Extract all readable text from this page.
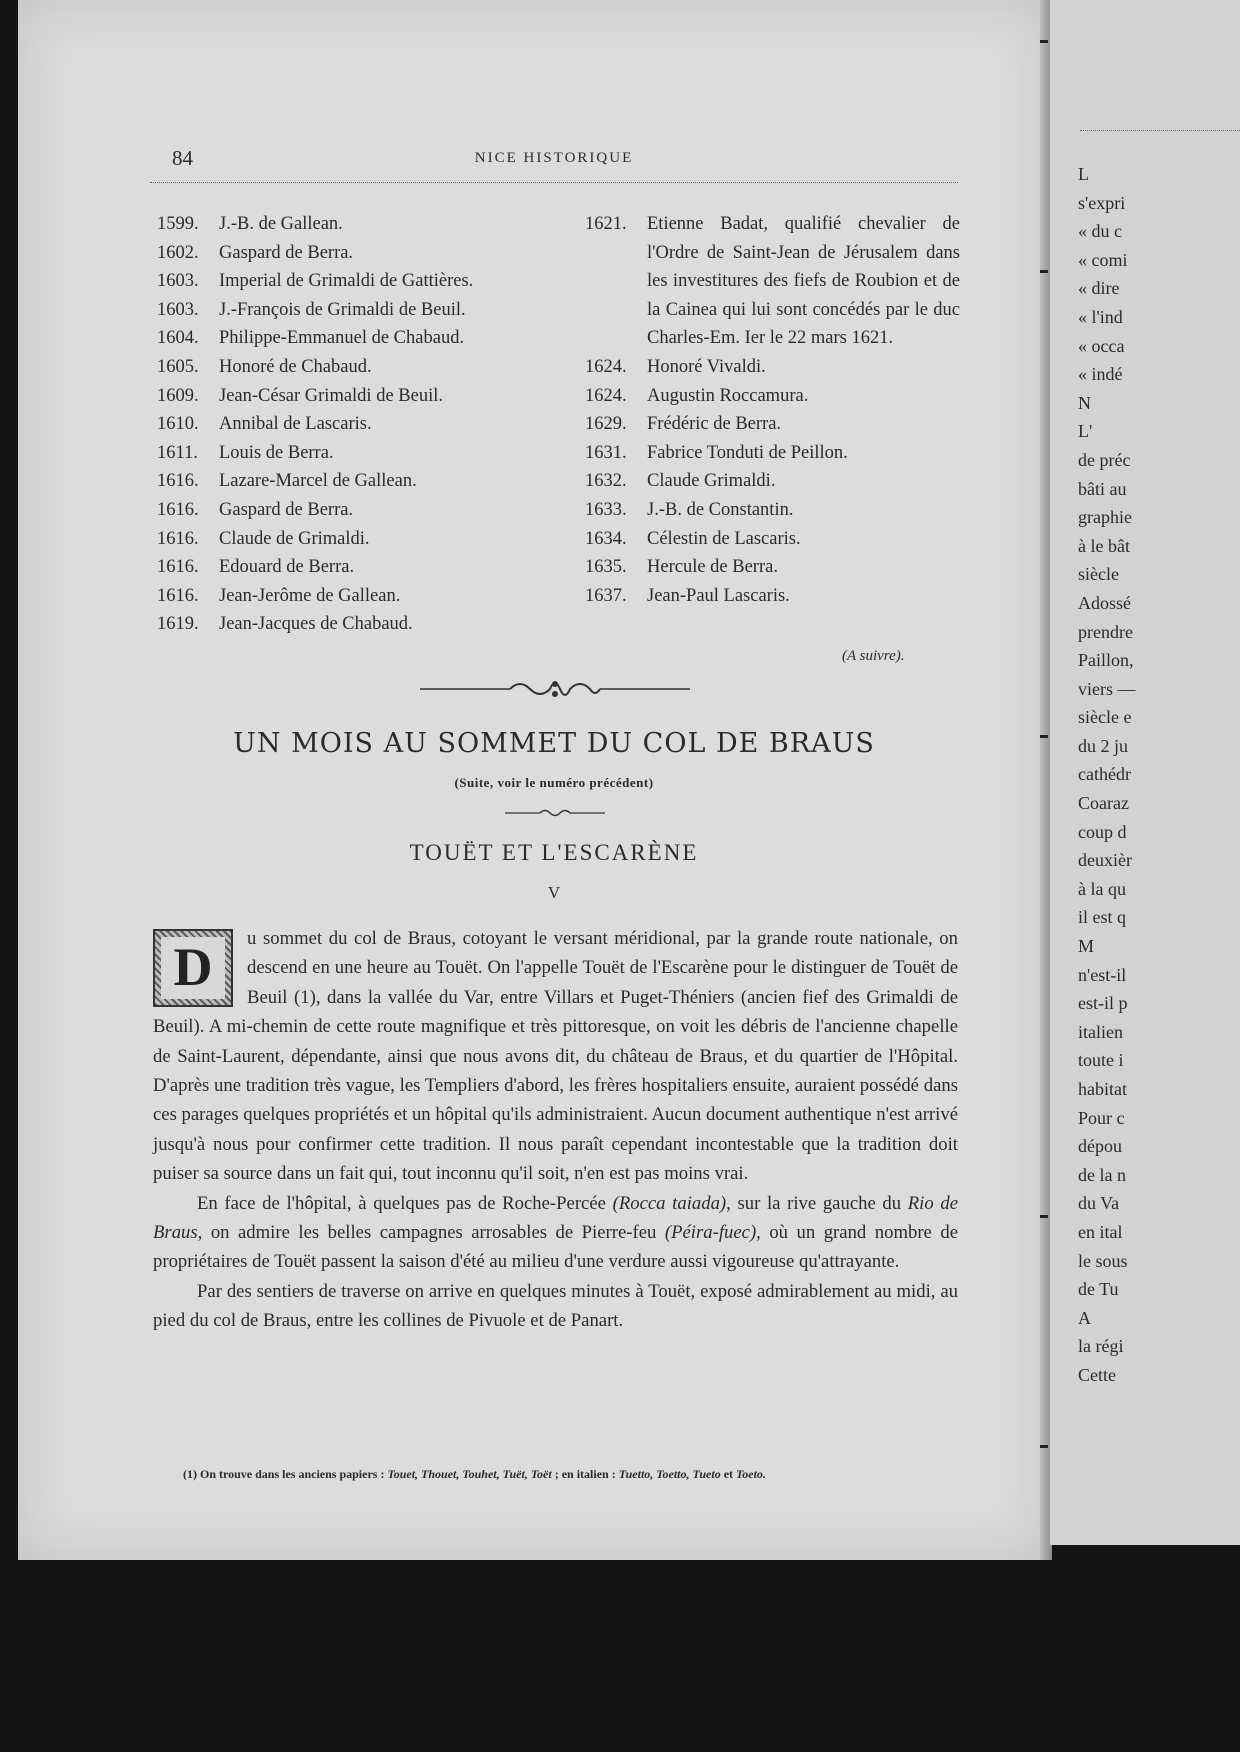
84	NICE HISTORIQUE
1599.	J.-B. de Gallean.
1602.	Gaspard de Berra.
1603.	Imperial de Grimaldi de Gattières.
1603.	J.-François de Grimaldi de Beuil.
1604.	Philippe-Emmanuel de Chabaud.
1605.	Honoré de Chabaud.
1609.	Jean-César Grimaldi de Beuil.
1610.	Annibal de Lascaris.
1611.	Louis de Berra.
1616.	Lazare-Marcel de Gallean.
1616.	Gaspard de Berra.
1616.	Claude de Grimaldi.
1616.	Edouard de Berra.
1616.	Jean-Jerôme de Gallean.
1619.	Jean-Jacques de Chabaud.
1621.	Etienne Badat, qualifié chevalier de l'Ordre de Saint-Jean de Jérusalem dans les investitures des fiefs de Roubion et de la Cainea qui lui sont concédés par le duc Charles-Em. Ier le 22 mars 1621.
1624.	Honoré Vivaldi.
1624.	Augustin Roccamura.
1629.	Frédéric de Berra.
1631.	Fabrice Tonduti de Peillon.
1632.	Claude Grimaldi.
1633.	J.-B. de Constantin.
1634.	Célestin de Lascaris.
1635.	Hercule de Berra.
1637.	Jean-Paul Lascaris.
(A suivre).
UN MOIS AU SOMMET DU COL DE BRAUS
(Suite, voir le numéro précédent)
TOUËT ET L'ESCARÈNE
V

D	u sommet du col de Braus, cotoyant le versant méridional, par la grande route nationale, on descend en une heure au Touët. On l'appelle Touët de l'Escarène pour le distinguer de Touët de Beuil (1), dans la vallée du Var, entre Villars et Puget-Théniers (ancien fief des Grimaldi de Beuil). A mi-chemin de cette route magnifique et très pittoresque, on voit les débris de l'ancienne chapelle de Saint-Laurent, dépendante, ainsi que nous avons dit, du château de Braus, et du quartier de l'Hôpital. D'après une tradition très vague, les Templiers d'abord, les frères hospitaliers ensuite, auraient possédé dans ces parages quelques propriétés et un hôpital qu'ils administraient. Aucun document authentique n'est arrivé jusqu'à nous pour confirmer cette tradition. Il nous paraît cependant incontestable que la tradition doit puiser sa source dans un fait qui, tout inconnu qu'il soit, n'en est pas moins vrai.

En face de l'hôpital, à quelques pas de Roche-Percée (Rocca taiada), sur la rive gauche du Rio de Braus, on admire les belles campagnes arrosables de Pierre-feu (Péira-fuec), où un grand nombre de propriétaires de Touët passent la saison d'été au milieu d'une verdure aussi vigoureuse qu'attrayante.

Par des sentiers de traverse on arrive en quelques minutes à Touët, exposé admirablement au midi, au pied du col de Braus, entre les collines de Pivuole et de Panart.

(1) On trouve dans les anciens papiers : Touet, Thouet, Touhet, Tuët, Toët ; en italien : Tuetto, Toetto, Tueto et Toeto.
L
s'expri
« du c
« comi
« dire
« l'ind
« occa
« indé
N
L'
de préc
bâti au
graphie
à le bât
siècle
Adossé
prendre
Paillon,
viers —
siècle e
du 2 ju
cathédr
Coaraz
coup d
deuxièr
à la qu
il est q
M
n'est-il
est-il p
italien
toute i
habitat
Pour c
dépou
de la n
du Va
en ital
le sous
de Tu
A
la régi
Cette
